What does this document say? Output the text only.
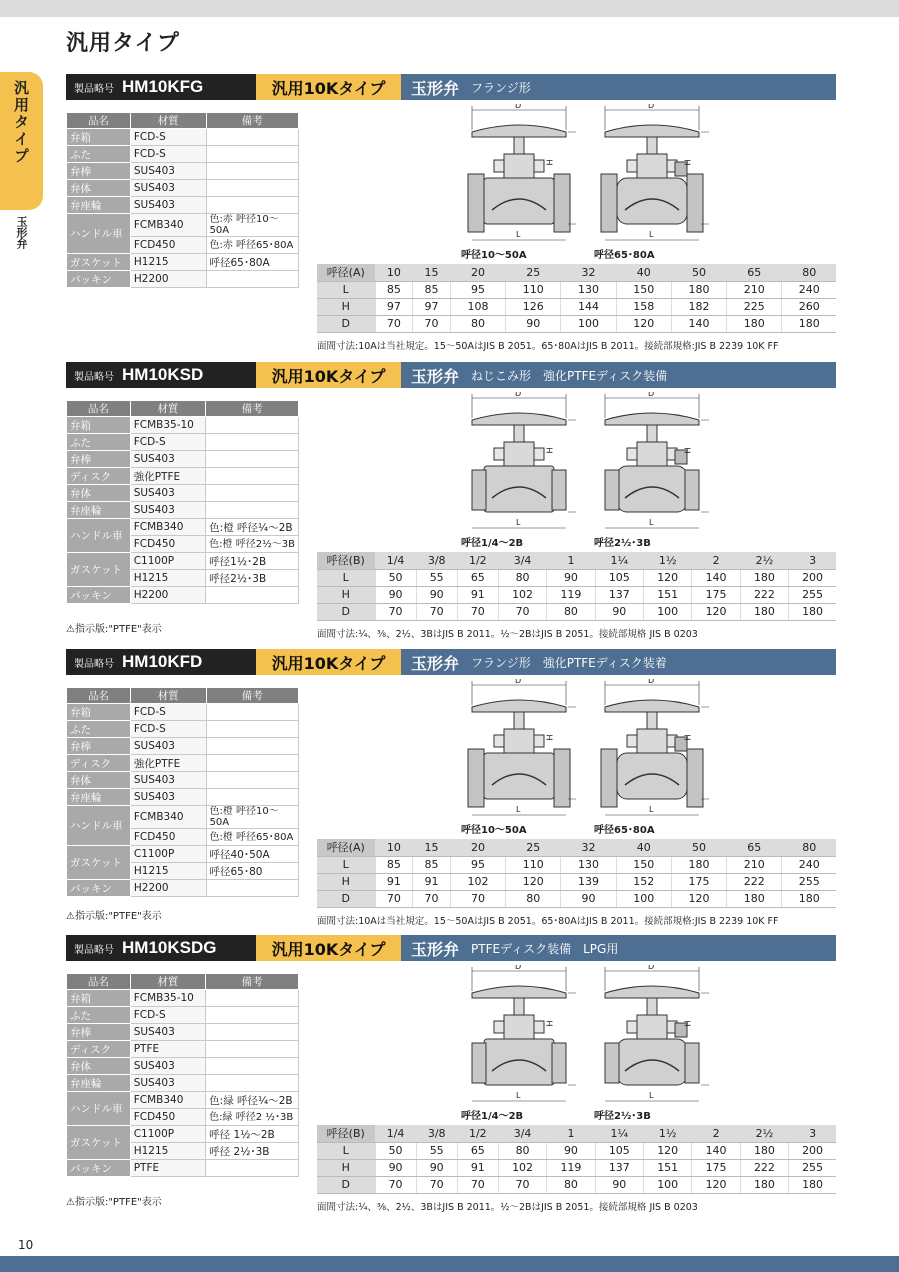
汎用タイプ
汎用タイプ
玉形弁
10
製品略号 HM10KFG	汎用10Kタイプ	玉形弁 フランジ形
品名	材質	備考
弁箱	FCD-S	
ふた	FCD-S	
弁棒	SUS403	
弁体	SUS403	
弁座輪	SUS403	
ハンドル車	FCMB340	色:赤 呼径10～50A
	FCD450	色:赤 呼径65･80A
ガスケット	H1215	呼径65･80A
パッキン	H2200	
D
L
H
呼径10～50A
D
L
H
呼径65･80A
呼径(A)	10	15	20	25	32	40	50	65	80
L	85	85	95	110	130	150	180	210	240
H	97	97	108	126	144	158	182	225	260
D	70	70	80	90	100	120	140	180	180
面間寸法:10Aは当社規定。15～50AはJIS B 2051。65･80AはJIS B 2011。接続部規格:JIS B 2239 10K FF
製品略号 HM10KSD	汎用10Kタイプ	玉形弁 ねじこみ形　強化PTFEディスク装備
品名	材質	備考
弁箱	FCMB35-10	
ふた	FCD-S	
弁棒	SUS403	
ディスク	強化PTFE	
弁体	SUS403	
弁座輪	SUS403	
ハンドル車	FCMB340	色:橙 呼径¼～2B
	FCD450	色:橙 呼径2½～3B
ガスケット	C1100P	呼径1½･2B
	H1215	呼径2½･3B
パッキン	H2200	
⚠指示版:"PTFE"表示
D
L
H
呼径1/4～2B
D
L
H
呼径2½･3B
呼径(B)	1/4	3/8	1/2	3/4	1	1¼	1½	2	2½	3
L	50	55	65	80	90	105	120	140	180	200
H	90	90	91	102	119	137	151	175	222	255
D	70	70	70	70	80	90	100	120	180	180
面間寸法:¼、⅜、2½、3BはJIS B 2011。½～2BはJIS B 2051。接続部規格 JIS B 0203
製品略号 HM10KFD	汎用10Kタイプ	玉形弁 フランジ形　強化PTFEディスク装着
品名	材質	備考
弁箱	FCD-S	
ふた	FCD-S	
弁棒	SUS403	
ディスク	強化PTFE	
弁体	SUS403	
弁座輪	SUS403	
ハンドル車	FCMB340	色:橙 呼径10～50A
	FCD450	色:橙 呼径65･80A
ガスケット	C1100P	呼径40･50A
	H1215	呼径65･80
パッキン	H2200	
⚠指示版:"PTFE"表示
D
L
H
呼径10～50A
D
L
H
呼径65･80A
呼径(A)	10	15	20	25	32	40	50	65	80
L	85	85	95	110	130	150	180	210	240
H	91	91	102	120	139	152	175	222	255
D	70	70	70	80	90	100	120	180	180
面間寸法:10Aは当社規定。15～50AはJIS B 2051。65･80AはJIS B 2011。接続部規格:JIS B 2239 10K FF
製品略号 HM10KSDG	汎用10Kタイプ	玉形弁 PTFEディスク装備　LPG用
品名	材質	備考
弁箱	FCMB35-10	
ふた	FCD-S	
弁棒	SUS403	
ディスク	PTFE	
弁体	SUS403	
弁座輪	SUS403	
ハンドル車	FCMB340	色:緑 呼径¼～2B
	FCD450	色:緑 呼径2 ½･3B
ガスケット	C1100P	呼径 1½～2B
	H1215	呼径 2½･3B
パッキン	PTFE	
⚠指示版:"PTFE"表示
D
L
H
呼径1/4～2B
D
L
H
呼径2½･3B
呼径(B)	1/4	3/8	1/2	3/4	1	1¼	1½	2	2½	3
L	50	55	65	80	90	105	120	140	180	200
H	90	90	91	102	119	137	151	175	222	255
D	70	70	70	70	80	90	100	120	180	180
面間寸法:¼、⅜、2½、3BはJIS B 2011。½～2BはJIS B 2051。接続部規格 JIS B 0203
